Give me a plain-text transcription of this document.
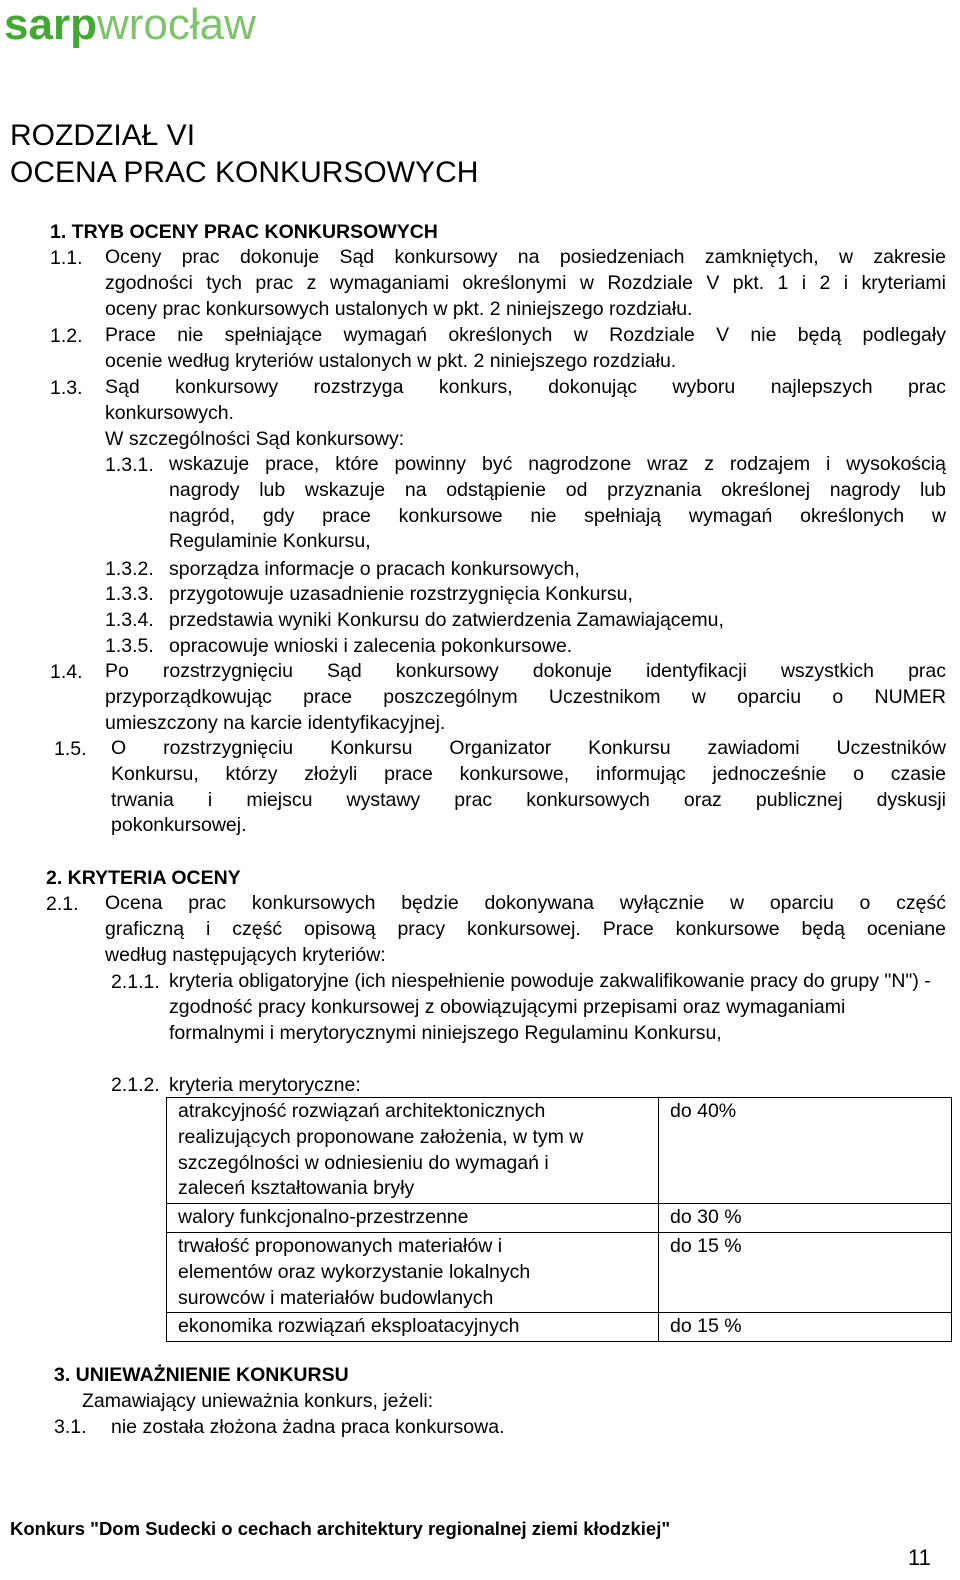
sarpwrocław
ROZDZIAŁ VI
OCENA PRAC KONKURSOWYCH
1. TRYB OCENY PRAC KONKURSOWYCH
1.1. Oceny prac dokonuje Sąd konkursowy na posiedzeniach zamkniętych, w zakresie
zgodności tych prac z wymaganiami określonymi w Rozdziale V pkt. 1 i 2 i kryteriami
oceny prac konkursowych ustalonych w pkt. 2 niniejszego rozdziału.
1.2. Prace nie spełniające wymagań określonych w Rozdziale V nie będą podlegały
ocenie według kryteriów ustalonych w pkt. 2 niniejszego rozdziału.
1.3. Sąd konkursowy rozstrzyga konkurs, dokonując wyboru najlepszych prac
konkursowych.
W szczególności Sąd konkursowy:
1.3.1. wskazuje prace, które powinny być nagrodzone wraz z rodzajem i wysokością
nagrody lub wskazuje na odstąpienie od przyznania określonej nagrody lub
nagród, gdy prace konkursowe nie spełniają wymagań określonych w
Regulaminie Konkursu,
1.3.2. sporządza informacje o pracach konkursowych,
1.3.3. przygotowuje uzasadnienie rozstrzygnięcia Konkursu,
1.3.4. przedstawia wyniki Konkursu do zatwierdzenia Zamawiającemu,
1.3.5. opracowuje wnioski i zalecenia pokonkursowe.
1.4. Po rozstrzygnięciu Sąd konkursowy dokonuje identyfikacji wszystkich prac
przyporządkowując prace poszczególnym Uczestnikom w oparciu o NUMER
umieszczony na karcie identyfikacyjnej.
1.5. O rozstrzygnięciu Konkursu Organizator Konkursu zawiadomi Uczestników
Konkursu, którzy złożyli prace konkursowe, informując jednocześnie o czasie
trwania i miejscu wystawy prac konkursowych oraz publicznej dyskusji
pokonkursowej.
2. KRYTERIA OCENY
2.1. Ocena prac konkursowych będzie dokonywana wyłącznie w oparciu o część
graficzną i część opisową pracy konkursowej. Prace konkursowe będą oceniane
według następujących kryteriów:
2.1.1. kryteria obligatoryjne (ich niespełnienie powoduje zakwalifikowanie pracy do grupy "N") - zgodność pracy konkursowej z obowiązującymi przepisami oraz wymaganiami formalnymi i merytorycznymi niniejszego Regulaminu Konkursu,
2.1.2. kryteria merytoryczne:
atrakcyjność rozwiązań architektonicznych
realizujących proponowane założenia, w tym w
szczególności w odniesieniu do wymagań i
zaleceń kształtowania bryły	do 40%

walory funkcjonalno-przestrzenne	do 30 %

trwałość proponowanych materiałów i
elementów oraz wykorzystanie lokalnych
surowców i materiałów budowlanych	do 15 %

ekonomika rozwiązań eksploatacyjnych	do 15 %
3. UNIEWAŻNIENIE KONKURSU
Zamawiający unieważnia konkurs, jeżeli:
3.1. nie została złożona żadna praca konkursowa.
Konkurs "Dom Sudecki o cechach architektury regionalnej ziemi kłodzkiej"
11
